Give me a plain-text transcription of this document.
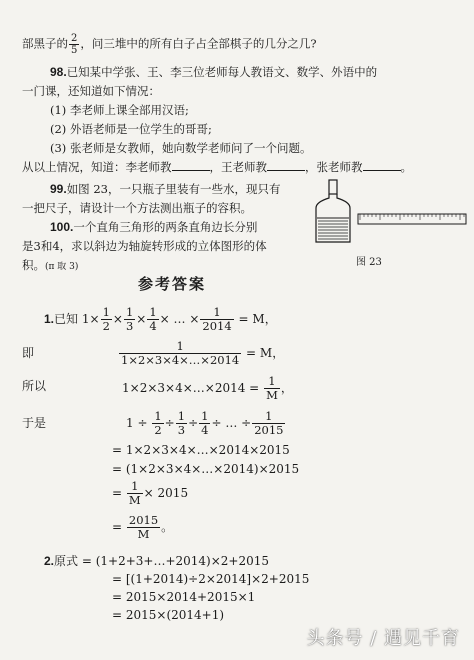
部黑子的 $\frac{2}{5}$ ，问三堆中的所有白子占全部棋子的几分之几?
98.已知某中学张、王、李三位老师每人教语文、数学、外语中的
一门课，还知道如下情况：
(1) 李老师上课全部用汉语;
(2) 外语老师是一位学生的哥哥;
(3) 张老师是女教师，她向数学老师问了一个问题。
从以上情况，知道：李老师教	，王老师教	，张老师教	。
99.如图 23，一只瓶子里装有一些水，现只有
一把尺子，请设计一个方法测出瓶子的容积。
100.一个直角三角形的两条直角边长分别
是3和4，求以斜边为轴旋转形成的立体图形的体
积。(π 取 3)	图 23
参考答案
1.已知 $1\times \frac{1}{2} \times \frac{1}{3} \times \frac{1}{4}$ × … × $\frac{1}{2014} = M$，
即	$\frac{1}{1\times 2\times 3\times 4\times\dots\times 2014} = M$，
所以	1×2×3×4×…×2014 = $\frac{1}{M}$ ，
于是	$1 \div \frac{1}{2} \div \frac{1}{3} \div \frac{1}{4}$ ÷ … ÷ $\frac{1}{2015}$
= 1×2×3×4×…×2014×2015
= (1×2×3×4×…×2014)×2015
= $\frac{1}{M} \times 2015$
= $\frac{2015}{M}$ 。
2.原式 = (1+2+3+…+2014)×2+2015
= [(1+2014)÷2×2014]×2+2015
= 2015×2014+2015×1
= 2015×(2014+1)
头条号 / 遇见千育
